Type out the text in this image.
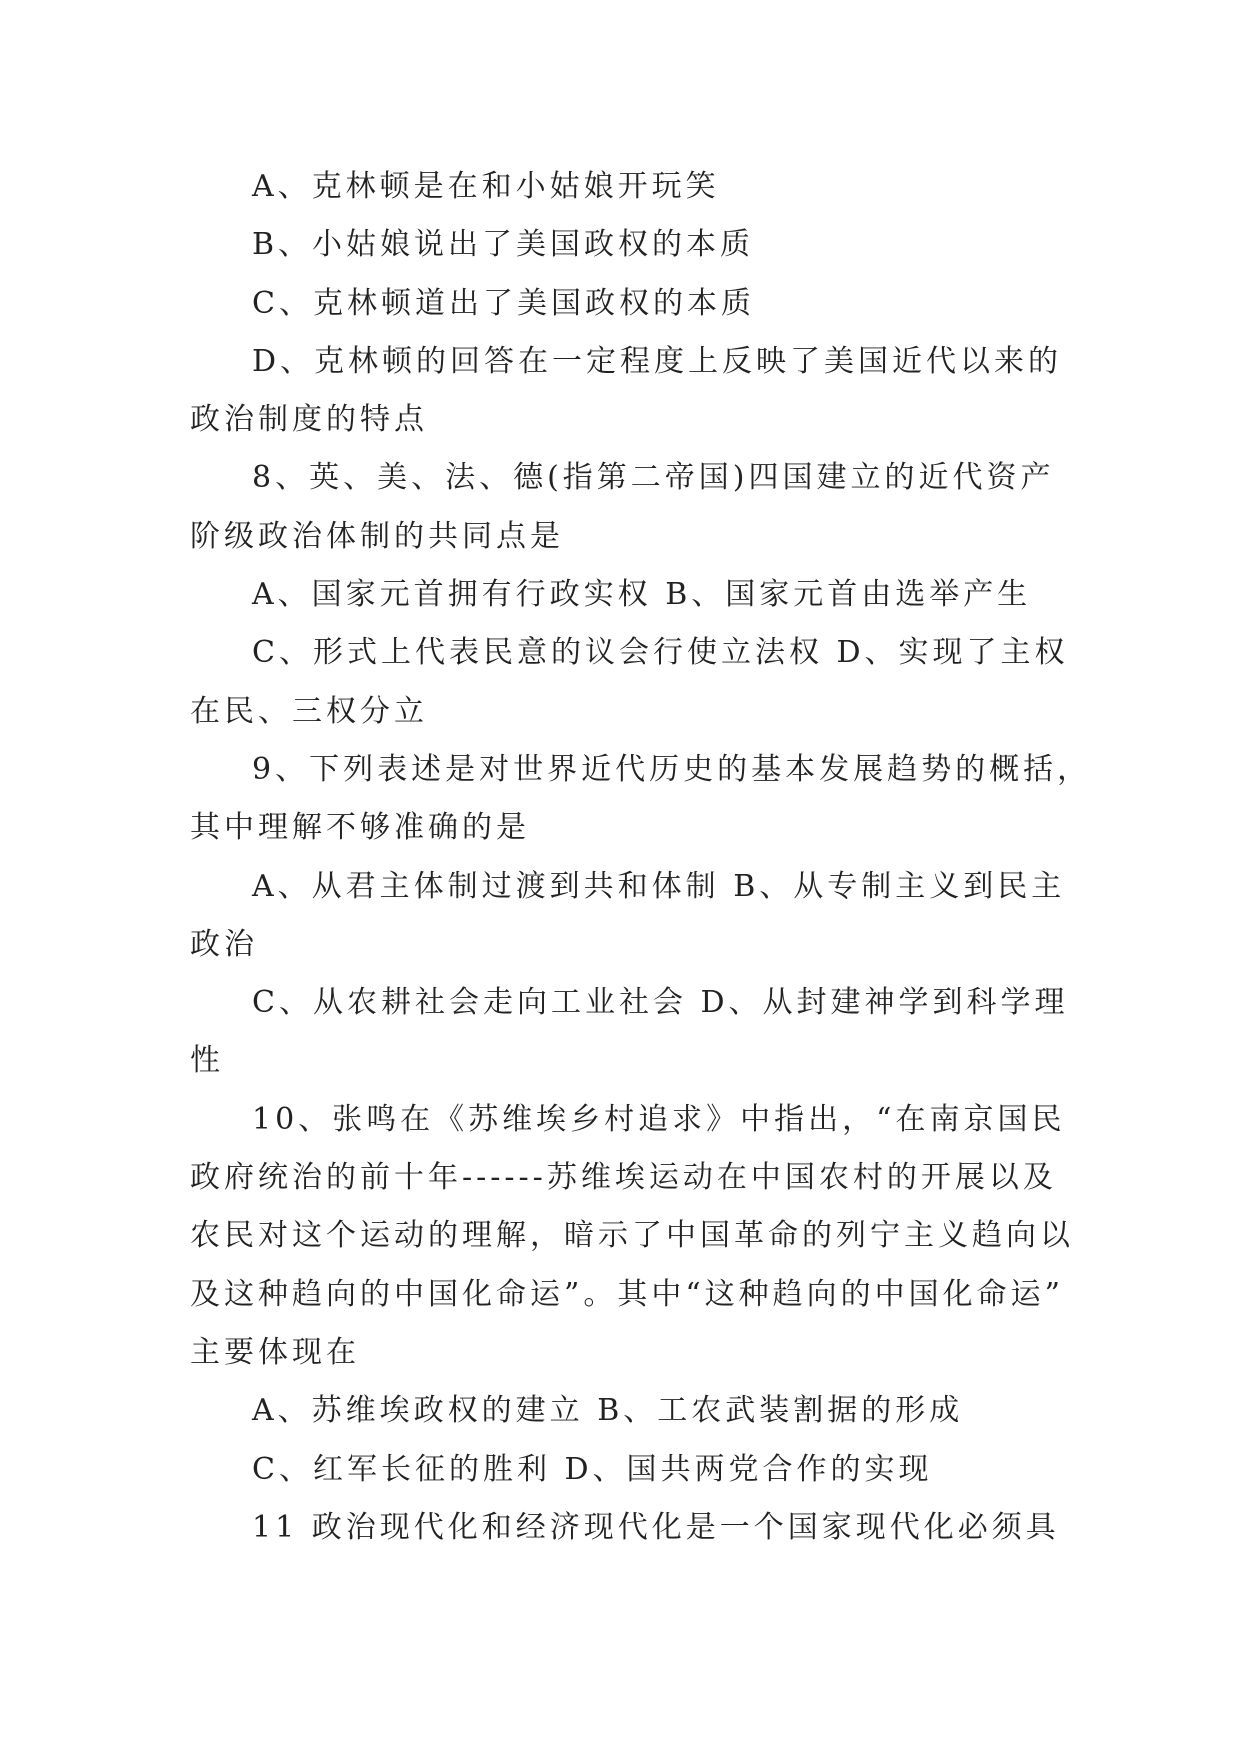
A、克林顿是在和小姑娘开玩笑

B、小姑娘说出了美国政权的本质

C、克林顿道出了美国政权的本质

D、克林顿的回答在一定程度上反映了美国近代以来的

政治制度的特点

8、英、美、法、德(指第二帝国)四国建立的近代资产

阶级政治体制的共同点是

A、国家元首拥有行政实权 B、国家元首由选举产生

C、形式上代表民意的议会行使立法权 D、实现了主权

在民、三权分立

9、下列表述是对世界近代历史的基本发展趋势的概括，

其中理解不够准确的是

A、从君主体制过渡到共和体制 B、从专制主义到民主

政治

C、从农耕社会走向工业社会 D、从封建神学到科学理

性

10、张鸣在《苏维埃乡村追求》中指出，“在南京国民

政府统治的前十年------苏维埃运动在中国农村的开展以及

农民对这个运动的理解，暗示了中国革命的列宁主义趋向以

及这种趋向的中国化命运”。其中“这种趋向的中国化命运”

主要体现在

A、苏维埃政权的建立 B、工农武装割据的形成

C、红军长征的胜利 D、国共两党合作的实现

11 政治现代化和经济现代化是一个国家现代化必须具
